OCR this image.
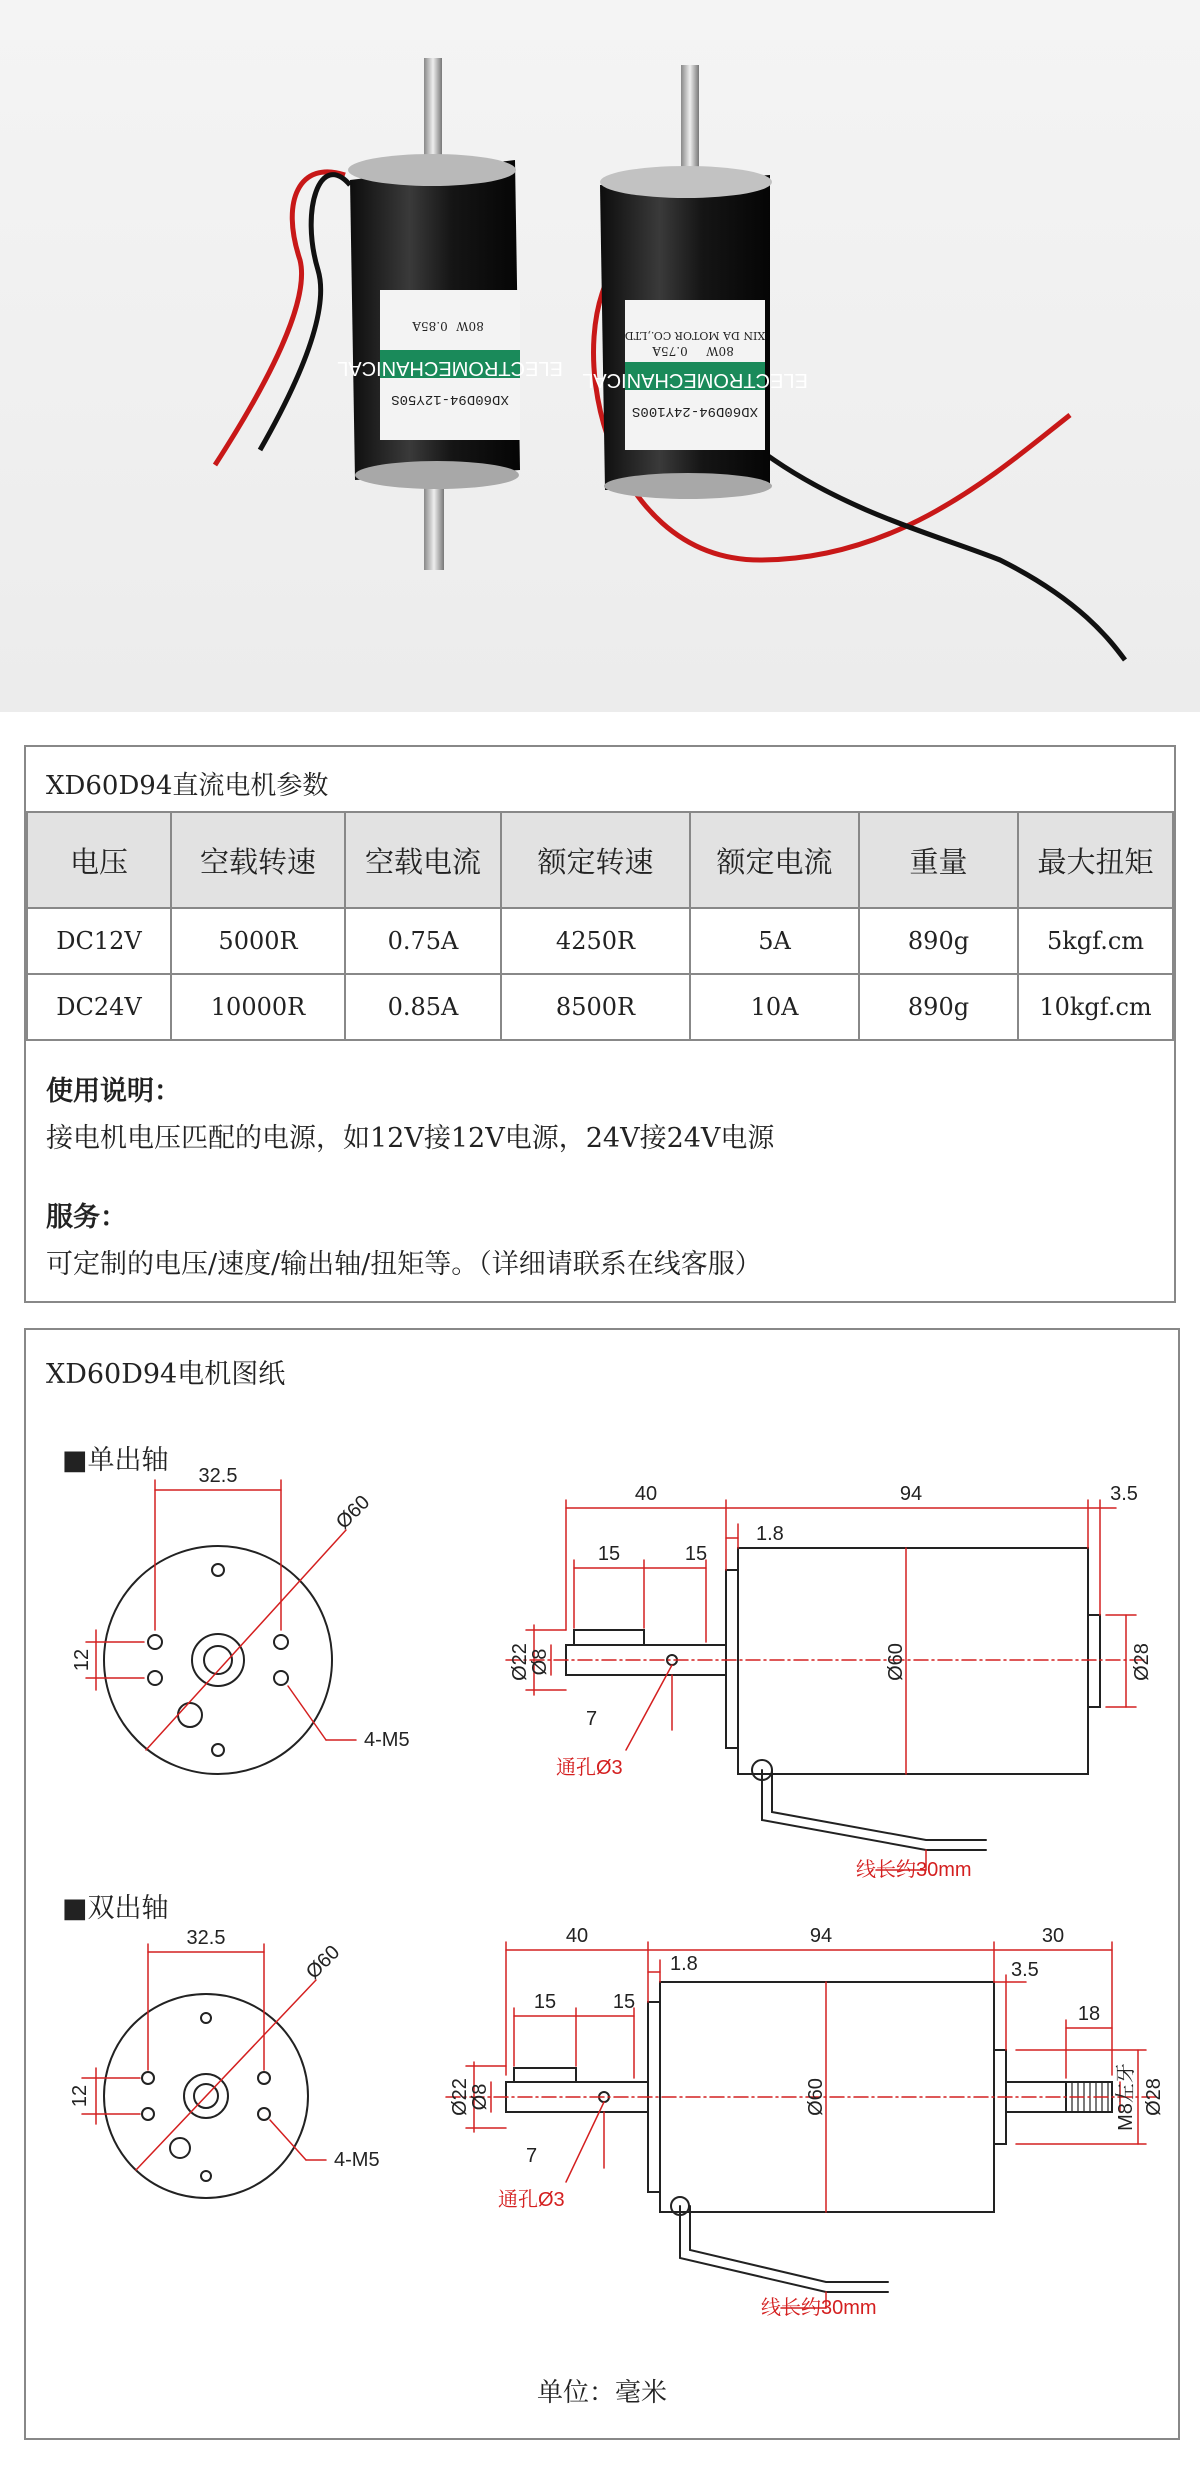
ELECTROMECHANICAL
XD60D94-12Y50S
80W
0.85A
ELECTROMECHANICAL
XD60D94-24Y100S
XIN DA MOTOR CO.,LTD
80W
0.75A
XD60D94直流电机参数
电压	空载转速	空载电流	额定转速	额定电流	重量	最大扭矩
DC12V	5000R	0.75A	4250R	5A	890g	5kgf.cm
DC24V	10000R	0.85A	8500R	10A	890g	10kgf.cm

使用说明：

接电机电压匹配的电源，如12V接12V电源，24V接24V电源

服务：

可定制的电压/速度/输出轴/扭矩等。（详细请联系在线客服）

XD60D94电机图纸
■单出轴
■双出轴
32.5
Ø60
12
4-M5
40	94	3.5
1.8
15	15
Ø22
Ø8	Ø60	Ø28
7
通孔Ø3
线长约30mm
32.5
Ø60
12
4-M5
40	94	30
3.5
1.8
15	15
18
Ø22
Ø8	Ø60	M8左牙 Ø28
7
通孔Ø3
线长约30mm
单位：毫米
